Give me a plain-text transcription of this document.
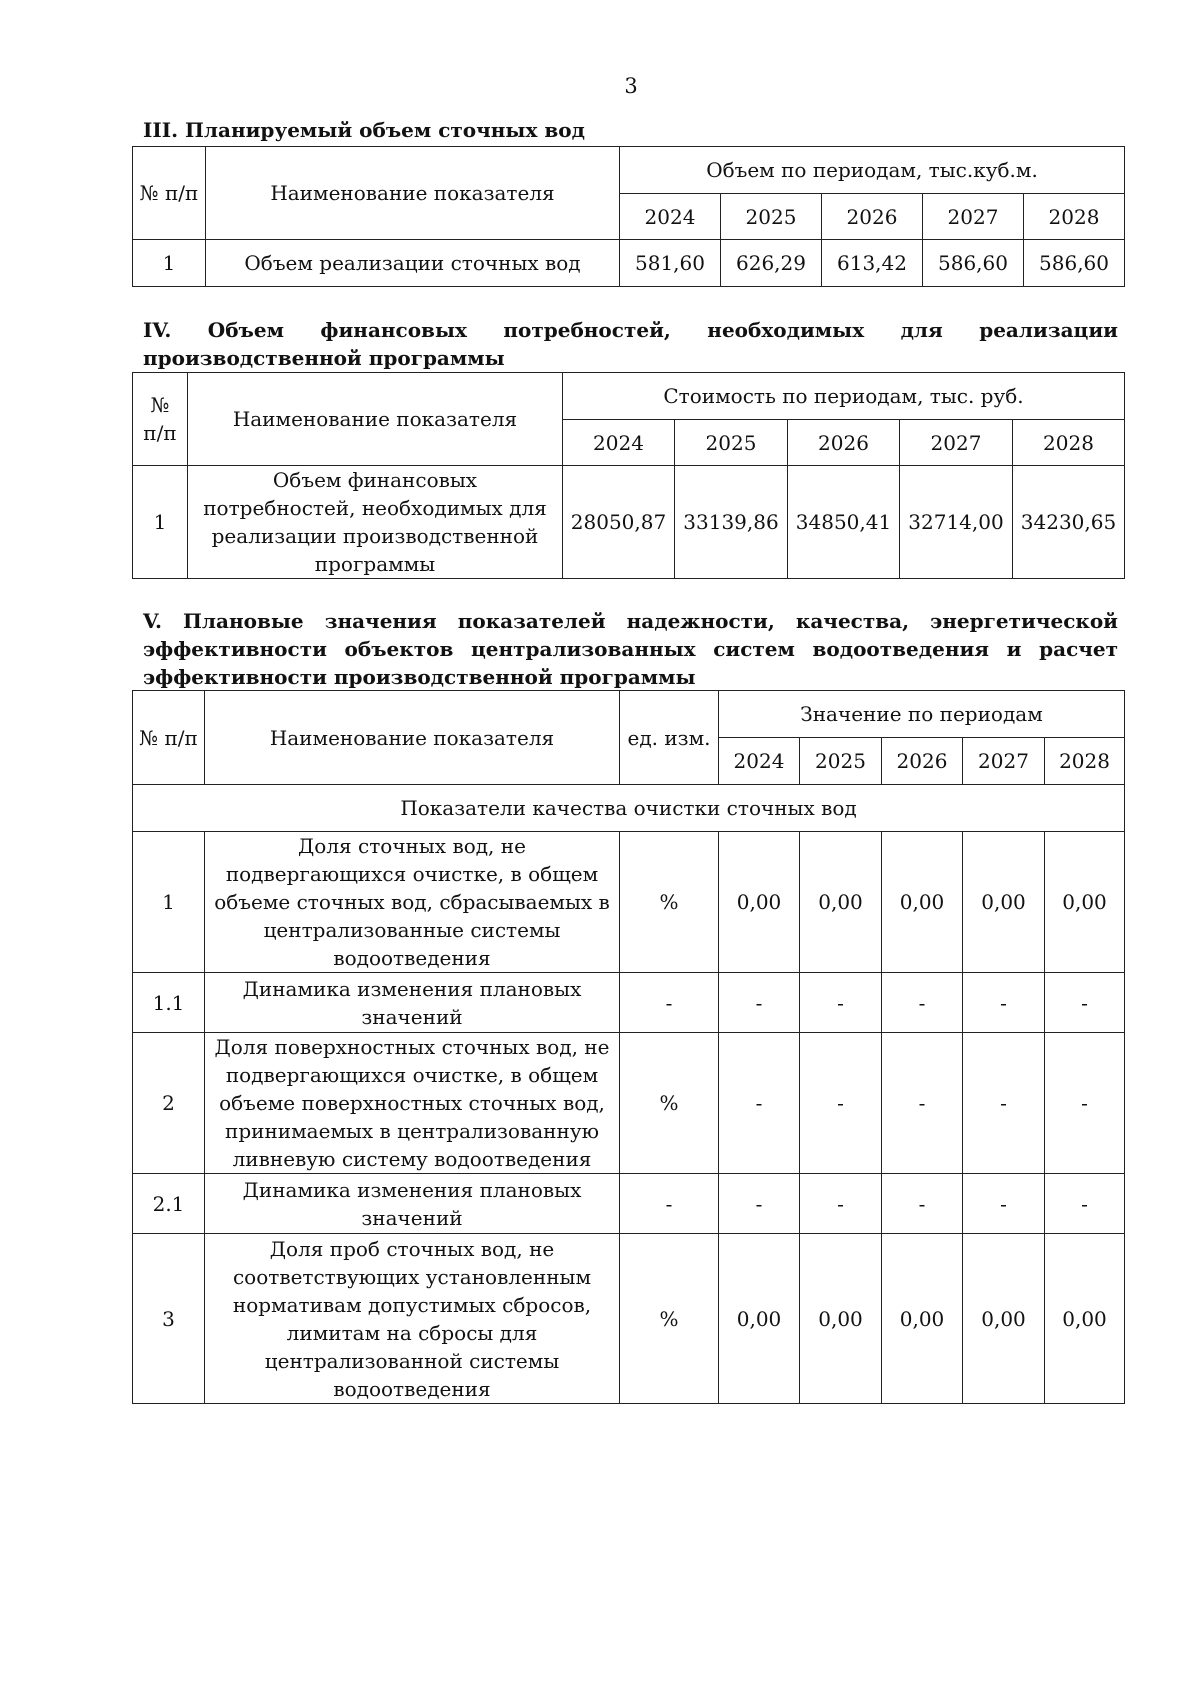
3
III. Планируемый объем сточных вод
№ п/п	Наименование показателя	Объем по периодам, тыс.куб.м.				
		2024	2025	2026	2027	2028
1	Объем реализации сточных вод	581,60	626,29	613,42	586,60	586,60
IV. Объем финансовых потребностей, необходимых для реализации производственной программы
№ п/п	Наименование показателя	Стоимость по периодам, тыс. руб.				
		2024	2025	2026	2027	2028
1	Объем финансовых потребностей, необходимых для реализации производственной программы	28050,87	33139,86	34850,41	32714,00	34230,65
V. Плановые значения показателей надежности, качества, энергетической эффективности объектов централизованных систем водоотведения и расчет эффективности производственной программы
№ п/п	Наименование показателя	ед. изм.	Значение по периодам				
			2024	2025	2026	2027	2028
Показатели качества очистки сточных вод							
1	Доля сточных вод, не подвергающихся очистке, в общем объеме сточных вод, сбрасываемых в централизованные системы водоотведения	%	0,00	0,00	0,00	0,00	0,00
1.1	Динамика изменения плановых значений	-	-	-	-	-	-
2	Доля поверхностных сточных вод, не подвергающихся очистке, в общем объеме поверхностных сточных вод, принимаемых в централизованную ливневую систему водоотведения	%	-	-	-	-	-
2.1	Динамика изменения плановых значений	-	-	-	-	-	-
3	Доля проб сточных вод, не соответствующих установленным нормативам допустимых сбросов, лимитам на сбросы для централизованной системы водоотведения	%	0,00	0,00	0,00	0,00	0,00
